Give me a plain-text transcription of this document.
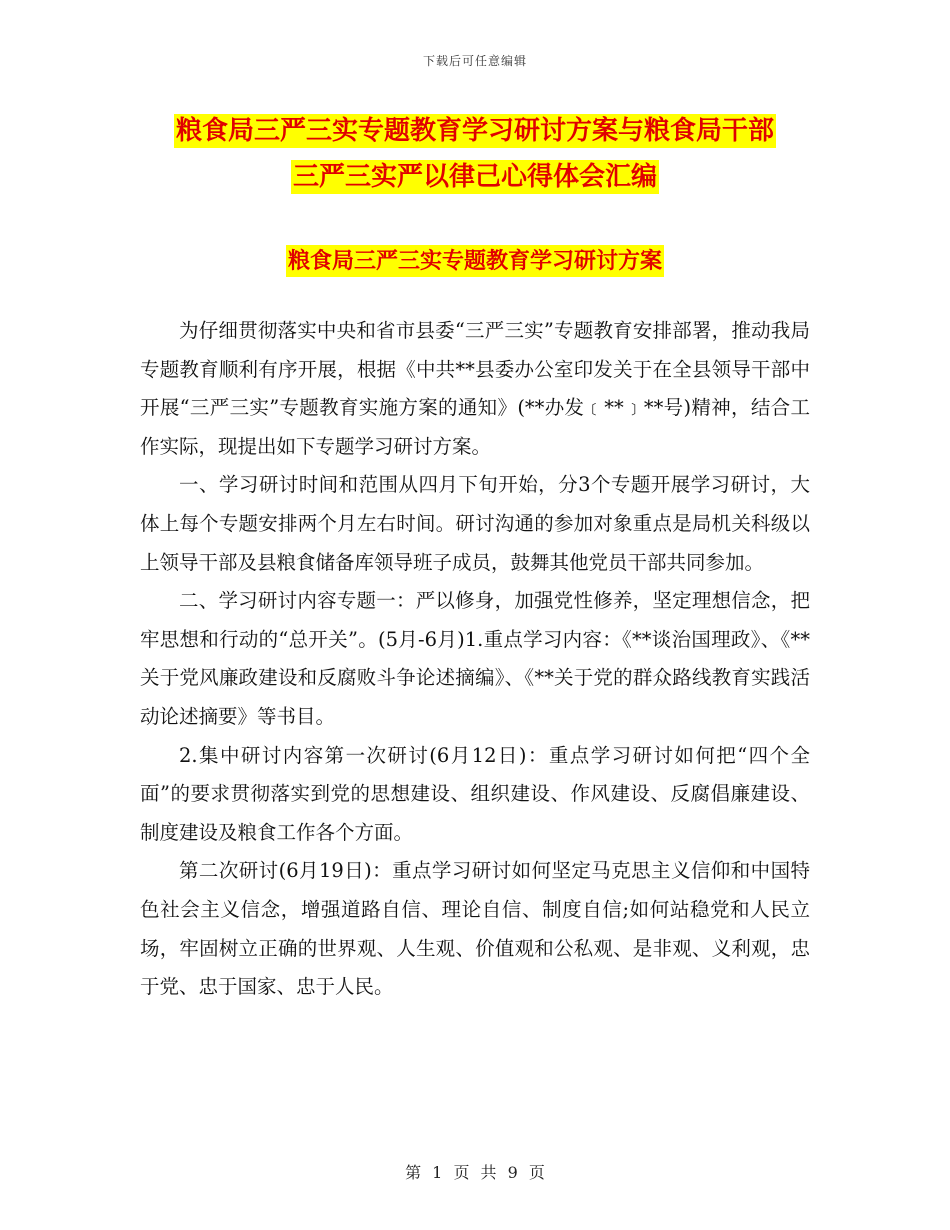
下载后可任意编辑
粮食局三严三实专题教育学习研讨方案与粮食局干部
三严三实严以律己心得体会汇编
粮食局三严三实专题教育学习研讨方案

为仔细贯彻落实中央和省市县委“三严三实”专题教育安排部署，推动我局专题教育顺利有序开展，根据《中共**县委办公室印发关于在全县领导干部中开展“三严三实”专题教育实施方案的通知》(**办发﹝**﹞**号)精神，结合工作实际，现提出如下专题学习研讨方案。

一、学习研讨时间和范围从四月下旬开始，分3个专题开展学习研讨，大体上每个专题安排两个月左右时间。研讨沟通的参加对象重点是局机关科级以上领导干部及县粮食储备库领导班子成员，鼓舞其他党员干部共同参加。

二、学习研讨内容专题一：严以修身，加强党性修养，坚定理想信念，把牢思想和行动的“总开关”。(5月-6月)1.重点学习内容：《**谈治国理政》、《**关于党风廉政建设和反腐败斗争论述摘编》、《**关于党的群众路线教育实践活动论述摘要》等书目。

2.集中研讨内容第一次研讨(6月12日)：重点学习研讨如何把“四个全面”的要求贯彻落实到党的思想建设、组织建设、作风建设、反腐倡廉建设、制度建设及粮食工作各个方面。

第二次研讨(6月19日)：重点学习研讨如何坚定马克思主义信仰和中国特色社会主义信念，增强道路自信、理论自信、制度自信;如何站稳党和人民立场，牢固树立正确的世界观、人生观、价值观和公私观、是非观、义利观，忠于党、忠于国家、忠于人民。

第 1 页 共 9 页
